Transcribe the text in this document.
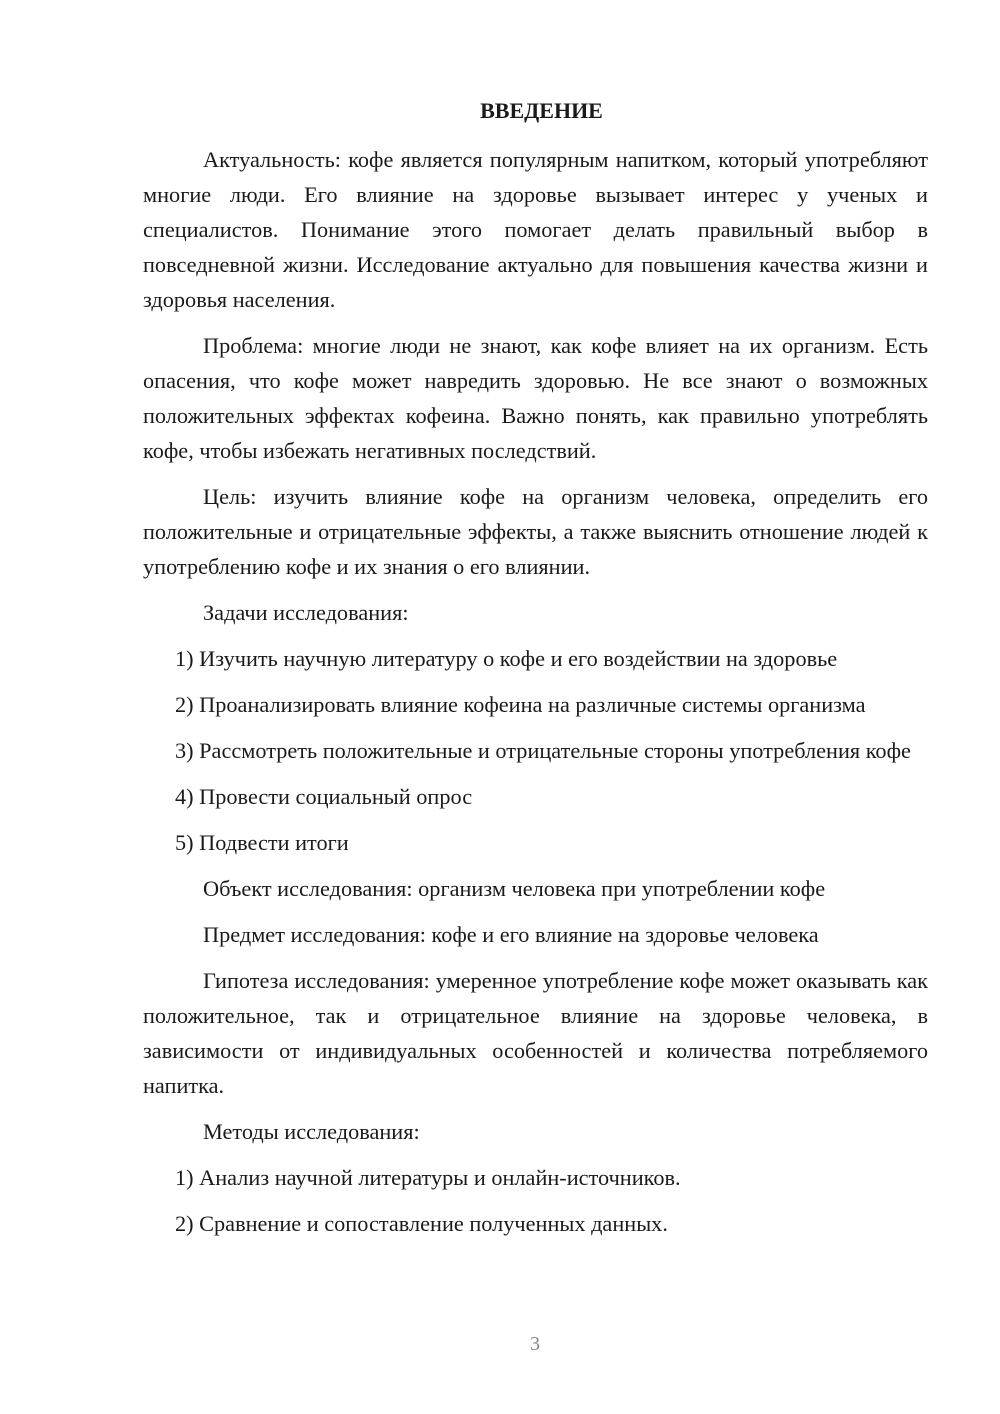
ВВЕДЕНИЕ

Актуальность: кофе является популярным напитком, который употребляют многие люди. Его влияние на здоровье вызывает интерес у ученых и специалистов. Понимание этого помогает делать правильный выбор в повседневной жизни. Исследование актуально для повышения качества жизни и здоровья населения.

Проблема: многие люди не знают, как кофе влияет на их организм. Есть опасения, что кофе может навредить здоровью. Не все знают о возможных положительных эффектах кофеина. Важно понять, как правильно употреблять кофе, чтобы избежать негативных последствий.

Цель: изучить влияние кофе на организм человека, определить его положительные и отрицательные эффекты, а также выяснить отношение людей к употреблению кофе и их знания о его влиянии.

Задачи исследования:

1) Изучить научную литературу о кофе и его воздействии на здоровье

2) Проанализировать влияние кофеина на различные системы организма

3) Рассмотреть положительные и отрицательные стороны употребления кофе

4) Провести социальный опрос

5) Подвести итоги

Объект исследования: организм человека при употреблении кофе

Предмет исследования: кофе и его влияние на здоровье человека

Гипотеза исследования: умеренное употребление кофе может оказывать как положительное, так и отрицательное влияние на здоровье человека, в зависимости от индивидуальных особенностей и количества потребляемого напитка.

Методы исследования:

1) Анализ научной литературы и онлайн-источников.

2) Сравнение и сопоставление полученных данных.

3
